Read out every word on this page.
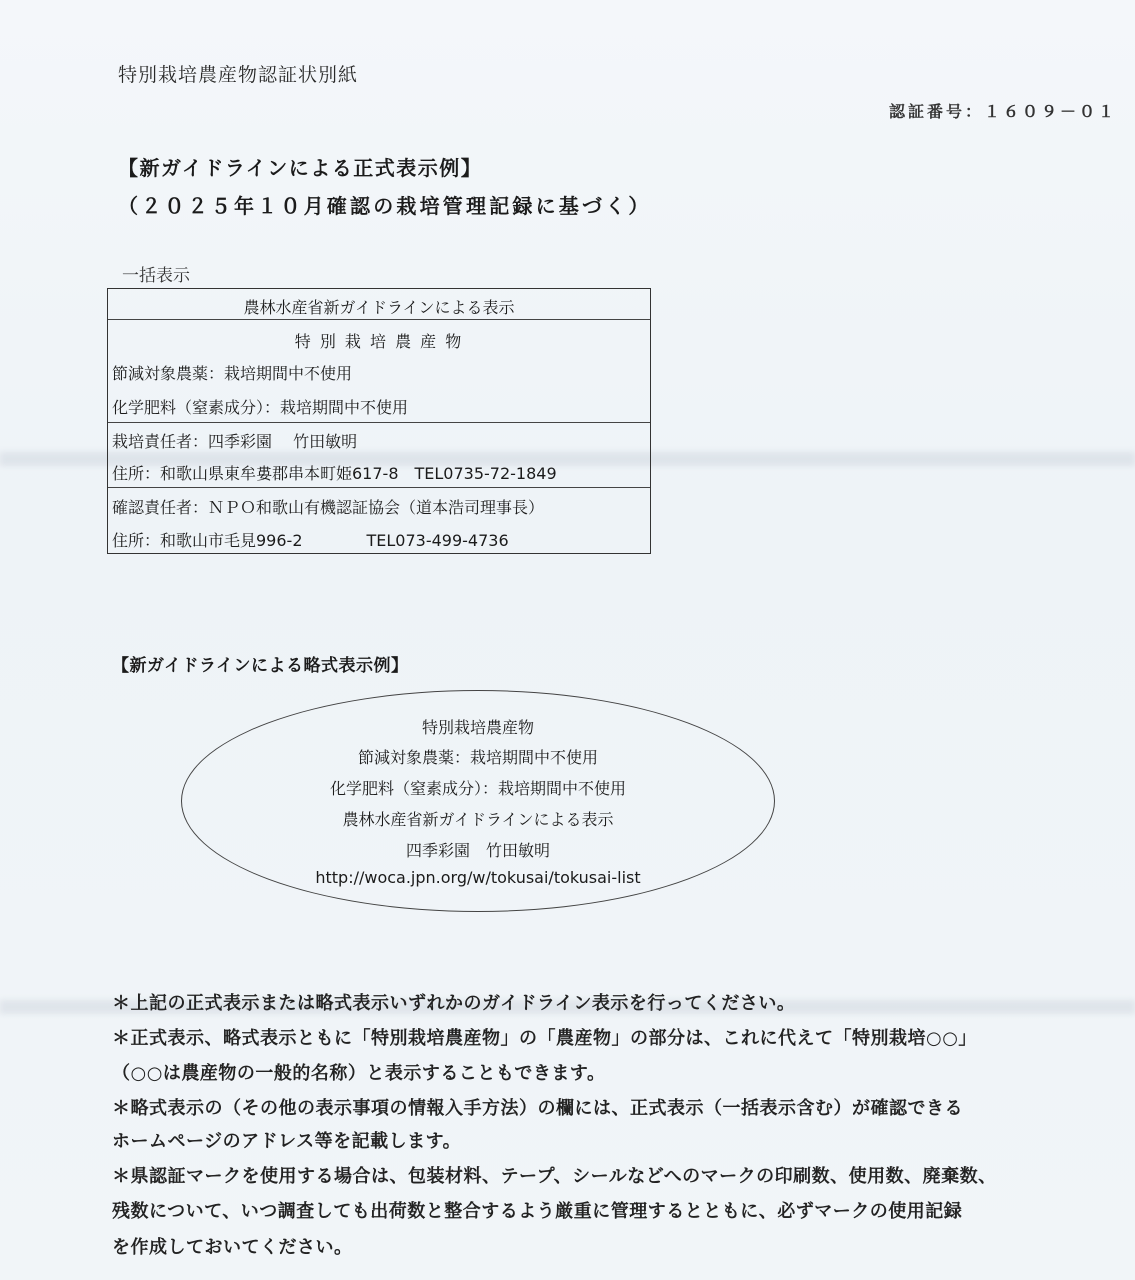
特別栽培農産物認証状別紙
認証番号：１６０９－０１
【新ガイドラインによる正式表示例】
（２０２５年１０月確認の栽培管理記録に基づく）
一括表示
農林水産省新ガイドラインによる表示
特 別 栽 培 農 産 物
節減対象農薬：栽培期間中不使用
化学肥料（窒素成分）：栽培期間中不使用
栽培責任者：四季彩園　 竹田敏明
住所：和歌山県東牟婁郡串本町姫617-8　TEL0735-72-1849
確認責任者：ＮＰＯ和歌山有機認証協会（道本浩司理事長）
住所：和歌山市毛見996-2　　　　TEL073-499-4736
【新ガイドラインによる略式表示例】
特別栽培農産物
節減対象農薬：栽培期間中不使用
化学肥料（窒素成分）：栽培期間中不使用
農林水産省新ガイドラインによる表示
四季彩園　竹田敏明
http://woca.jpn.org/w/tokusai/tokusai-list
＊上記の正式表示または略式表示いずれかのガイドライン表示を行ってください。
＊正式表示、略式表示ともに「特別栽培農産物」の「農産物」の部分は、これに代えて「特別栽培○○」
（○○は農産物の一般的名称）と表示することもできます。
＊略式表示の（その他の表示事項の情報入手方法）の欄には、正式表示（一括表示含む）が確認できる
ホームページのアドレス等を記載します。
＊県認証マークを使用する場合は、包装材料、テープ、シールなどへのマークの印刷数、使用数、廃棄数、
残数について、いつ調査しても出荷数と整合するよう厳重に管理するとともに、必ずマークの使用記録
を作成しておいてください。
